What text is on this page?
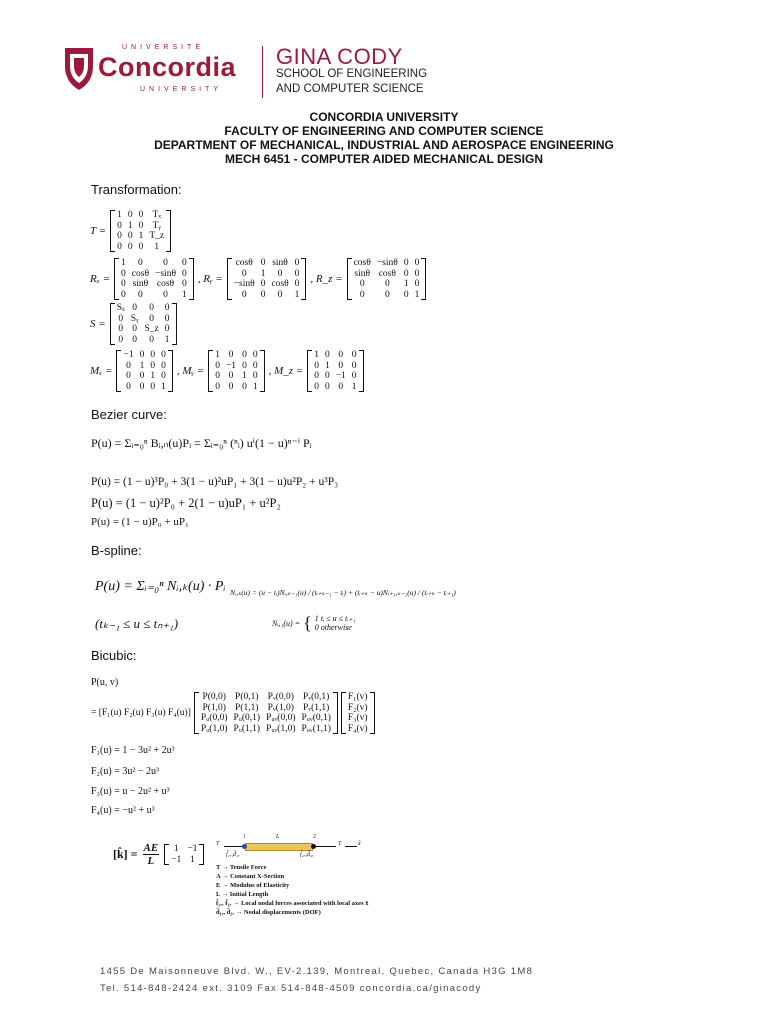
UNIVERSITÉ
Concordia
UNIVERSITY
GINA CODY
SCHOOL OF ENGINEERING
AND COMPUTER SCIENCE
CONCORDIA UNIVERSITY
FACULTY OF ENGINEERING AND COMPUTER SCIENCE
DEPARTMENT OF MECHANICAL, INDUSTRIAL AND AEROSPACE ENGINEERING
MECH 6451 - COMPUTER AIDED MECHANICAL DESIGN
Transformation:
T =
1	0	0	Tₓ
0	1	0	Tᵧ
0	0	1	T_z
0	0	0	1
Rₓ =
1	0	0	0
0	cosθ	−sinθ	0
0	sinθ	cosθ	0
0	0	0	1
, Rᵧ =
cosθ	0	sinθ	0
0	1	0	0
−sinθ	0	cosθ	0
0	0	0	1
, R_z =
cosθ	−sinθ	0	0
sinθ	cosθ	0	0
0	0	1	0
0	0	0	1
S =
Sₓ	0	0	0
0	Sᵧ	0	0
0	0	S_z	0
0	0	0	1
Mₓ =
−1	0	0	0
0	1	0	0
0	0	1	0
0	0	0	1
, Mᵧ =
1	0	0	0
0	−1	0	0
0	0	1	0
0	0	0	1
, M_z =
1	0	0	0
0	1	0	0
0	0	−1	0
0	0	0	1
Bezier curve:
P(u) = Σᵢ₌₀ⁿ Bᵢ,ₙ(u)Pᵢ = Σᵢ₌₀ⁿ (ⁿᵢ) uⁱ(1 − u)ⁿ⁻ⁱ Pᵢ
P(u) = (1 − u)³P₀ + 3(1 − u)²uP₁ + 3(1 − u)u²P₂ + u³P₃
P(u) = (1 − u)²P₀ + 2(1 − u)uP₁ + u²P₂
P(u) = (1 − u)P₀ + uP₁
B-spline:
P(u) = Σᵢ₌₀ⁿ Nᵢ,ₖ(u) · Pᵢ
(tₖ₋₁ ≤ u ≤ tₙ₊₁)
Nᵢ,ₖ(u) = (u − tᵢ)Nᵢ,ₖ₋₁(u) / (tᵢ₊ₖ₋₁ − tᵢ) + (tᵢ₊ₖ − u)Nᵢ₊₁,ₖ₋₁(u) / (tᵢ₊ₖ − tᵢ₊₁)
Nᵢ,₁(u) = { 1 tᵢ ≤ u ≤ tᵢ₊₁
0 otherwise
Bicubic:
P(u, v)
= [F₁(u) F₂(u) F₃(u) F₄(u)]
P(0,0)	P(0,1)	Pᵥ(0,0)	Pᵥ(0,1)
P(1,0)	P(1,1)	Pᵥ(1,0)	Pᵥ(1,1)
Pᵤ(0,0)	Pᵤ(0,1)	Pᵤᵥ(0,0)	Pᵤᵥ(0,1)
Pᵤ(1,0)	Pᵤ(1,1)	Pᵤᵥ(1,0)	Pᵤᵥ(1,1)
F₁(v)
F₂(v)
F₃(v)
F₄(v)
F₁(u) = 1 − 3u² + 2u³
F₂(u) = 3u² − 2u³
F₃(u) = u − 2u² + u³
F₄(u) = −u² + u³
[k̂] = $\frac{AE}{L} 1$	−1
−1	1
1	2
L
T	T	x̂
f̂₁ₓ,d̂₁ₓ	f̂₂ₓ,d̂₂ₓ
T → Tensile Force
A → Constant X-Section
E → Modulus of Elasticity
L → Initial Length
f̂₁ₓ, f̂₂ₓ → Local nodal forces associated with local axes x̂
d̂₁ₓ, d̂₂ₓ → Nodal displacements (DOF)
1455 De Maisonneuve Blvd. W., EV-2.139, Montreal, Quebec, Canada H3G 1M8
Tel. 514-848-2424 ext. 3109 Fax 514-848-4509 concordia.ca/ginacody
